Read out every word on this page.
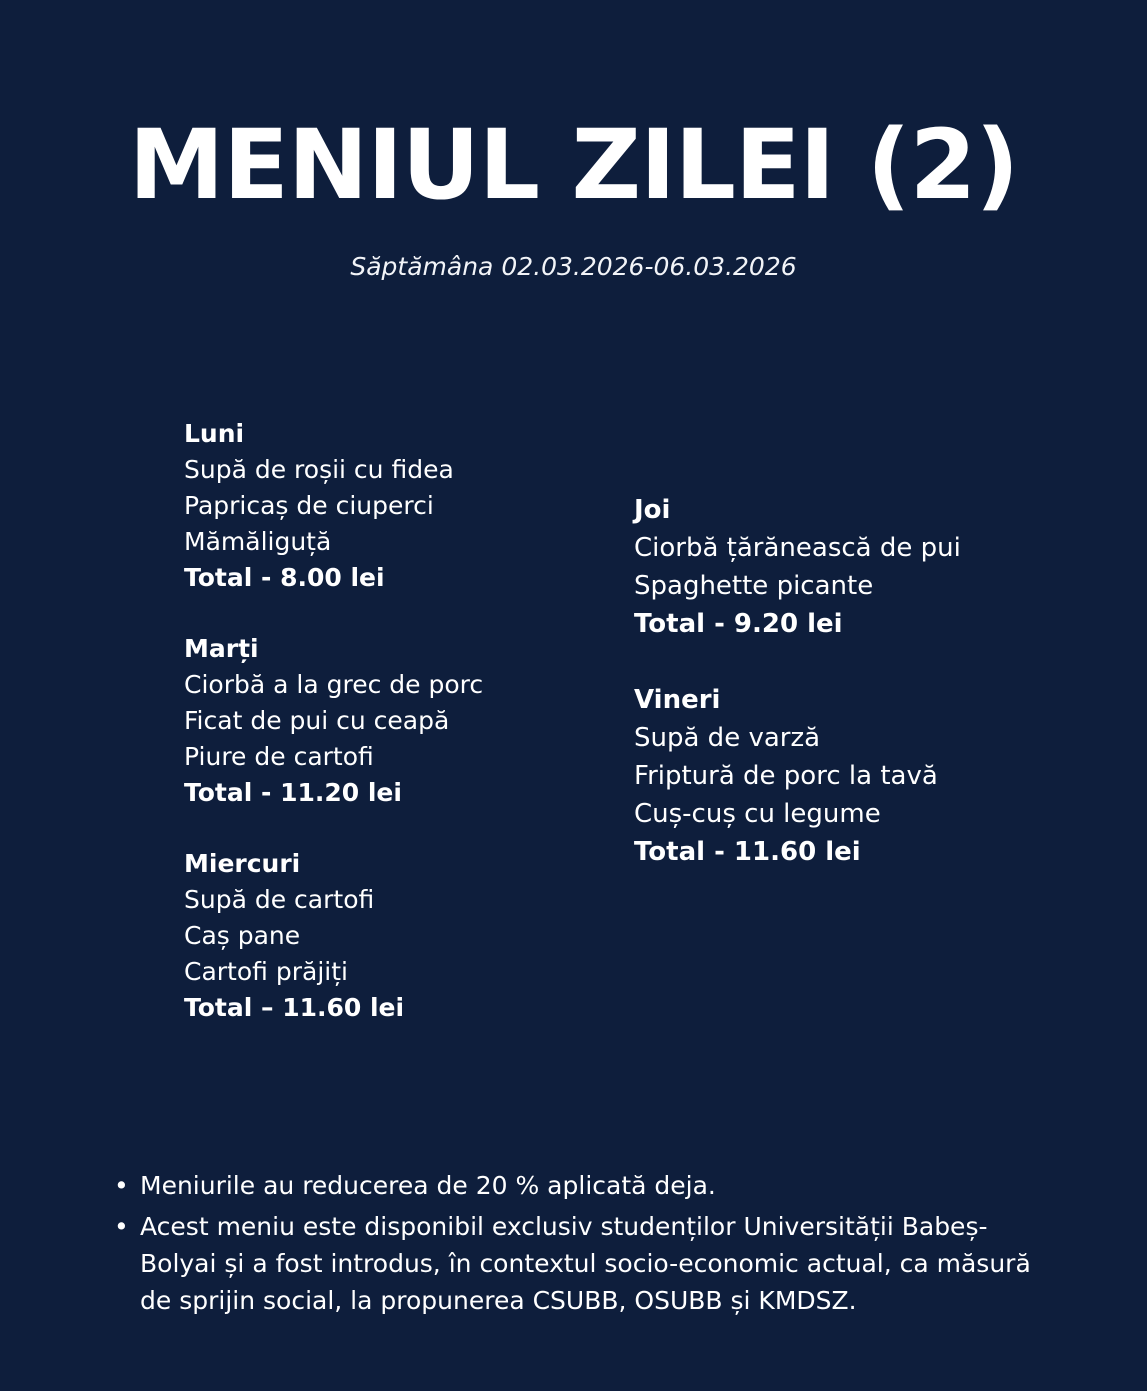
MENIUL ZILEI (2)

Săptămâna 02.03.2026-06.03.2026

Luni
Supă de roșii cu fidea
Papricaș de ciuperci
Mămăliguță
Total - 8.00 lei
Marți
Ciorbă a la grec de porc
Ficat de pui cu ceapă
Piure de cartofi
Total - 11.20 lei
Miercuri
Supă de cartofi
Caș pane
Cartofi prăjiți
Total – 11.60 lei
Joi
Ciorbă țărănească de pui
Spaghette picante
Total - 9.20 lei
Vineri
Supă de varză
Friptură de porc la tavă
Cuș-cuș cu legume
Total - 11.60 lei
• Meniurile au reducerea de 20 % aplicată deja.
• Acest meniu este disponibil exclusiv studenților Universității Babeș-Bolyai și a fost introdus, în contextul socio-economic actual, ca măsură de sprijin social, la propunerea CSUBB, OSUBB și KMDSZ.
